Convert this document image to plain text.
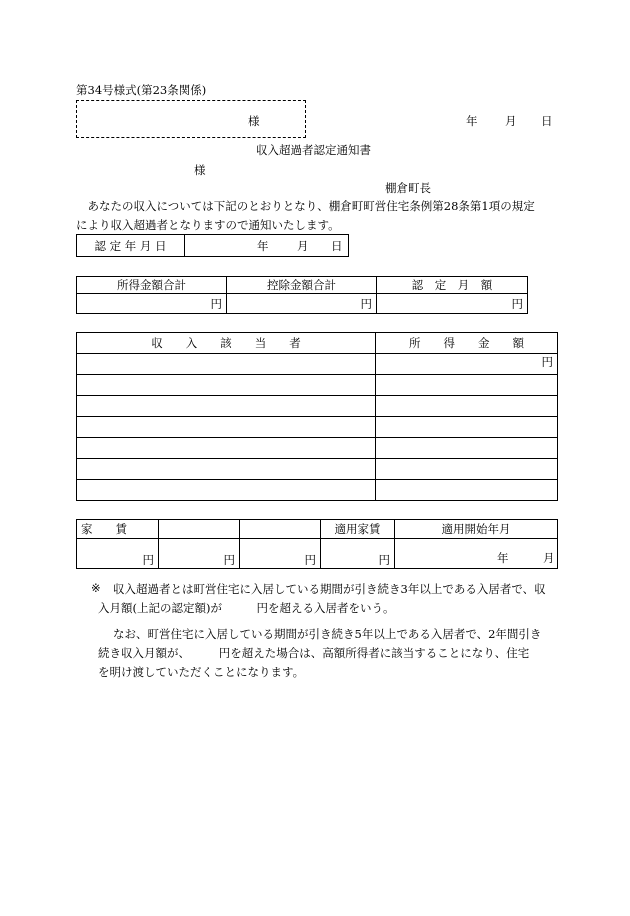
第34号様式(第23条関係)
様	年 月 日
収入超過者認定通知書
様
棚倉町長
あなたの収入については下記のとおりとなり、棚倉町町営住宅条例第28条第1項の規定
により収入超過者となりますので通知いたします。
認 定 年 月 日	年 月 日
所得金額合計	控除金額合計	認　定　月　額
円	円	円
収　　入　　該　　当　　者	所　　得　　金　　額
	円

家　　賃			適用家賃	適用開始年月
円	円	円	円	年 月
※ 収入超過者とは町営住宅に入居している期間が引き続き3年以上である入居者で、収
入月額(上記の認定額)が　　　円を超える入居者をいう。
なお、町営住宅に入居している期間が引き続き5年以上である入居者で、2年間引き
続き収入月額が、　　　円を超えた場合は、高額所得者に該当することになり、住宅
を明け渡していただくことになります。
